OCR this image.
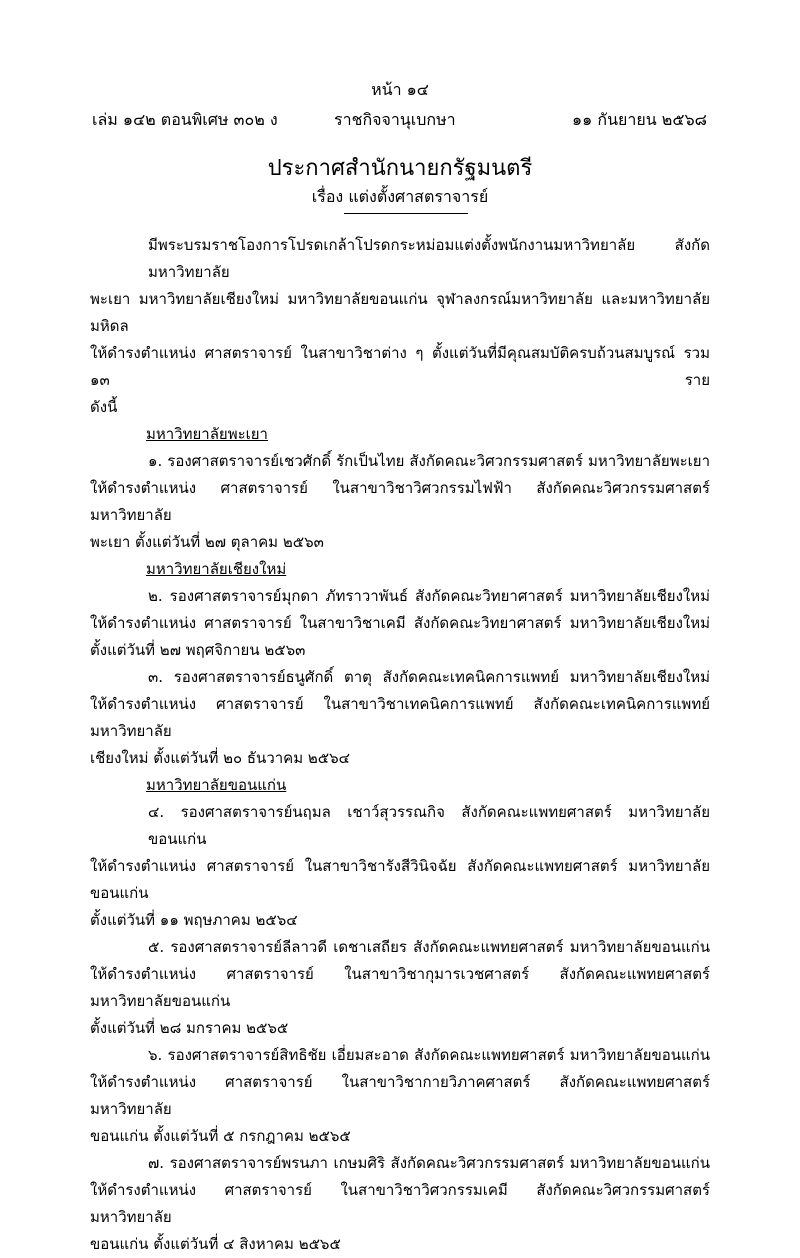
หน้า ๑๔
เล่ม ๑๔๒ ตอนพิเศษ ๓๐๒ ง	ราชกิจจานุเบกษา	๑๑ กันยายน ๒๕๖๘
ประกาศสำนักนายกรัฐมนตรี
เรื่อง แต่งตั้งศาสตราจารย์

มีพระบรมราชโองการโปรดเกล้าโปรดกระหม่อมแต่งตั้งพนักงานมหาวิทยาลัย สังกัดมหาวิทยาลัย

พะเยา มหาวิทยาลัยเชียงใหม่ มหาวิทยาลัยขอนแก่น จุฬาลงกรณ์มหาวิทยาลัย และมหาวิทยาลัยมหิดล

ให้ดำรงตำแหน่ง ศาสตราจารย์ ในสาขาวิชาต่าง ๆ ตั้งแต่วันที่มีคุณสมบัติครบถ้วนสมบูรณ์ รวม ๑๓ ราย

ดังนี้

มหาวิทยาลัยพะเยา

๑. รองศาสตราจารย์เชวศักดิ์ รักเป็นไทย สังกัดคณะวิศวกรรมศาสตร์ มหาวิทยาลัยพะเยา

ให้ดำรงตำแหน่ง ศาสตราจารย์ ในสาขาวิชาวิศวกรรมไฟฟ้า สังกัดคณะวิศวกรรมศาสตร์ มหาวิทยาลัย

พะเยา ตั้งแต่วันที่ ๒๗ ตุลาคม ๒๕๖๓

มหาวิทยาลัยเชียงใหม่

๒. รองศาสตราจารย์มุกดา ภัทราวาพันธ์ สังกัดคณะวิทยาศาสตร์ มหาวิทยาลัยเชียงใหม่

ให้ดำรงตำแหน่ง ศาสตราจารย์ ในสาขาวิชาเคมี สังกัดคณะวิทยาศาสตร์ มหาวิทยาลัยเชียงใหม่

ตั้งแต่วันที่ ๒๗ พฤศจิกายน ๒๕๖๓

๓. รองศาสตราจารย์ธนูศักดิ์ ตาตุ สังกัดคณะเทคนิคการแพทย์ มหาวิทยาลัยเชียงใหม่

ให้ดำรงตำแหน่ง ศาสตราจารย์ ในสาขาวิชาเทคนิคการแพทย์ สังกัดคณะเทคนิคการแพทย์ มหาวิทยาลัย

เชียงใหม่ ตั้งแต่วันที่ ๒๐ ธันวาคม ๒๕๖๔

มหาวิทยาลัยขอนแก่น

๔. รองศาสตราจารย์นฤมล เชาว์สุวรรณกิจ สังกัดคณะแพทยศาสตร์ มหาวิทยาลัยขอนแก่น

ให้ดำรงตำแหน่ง ศาสตราจารย์ ในสาขาวิชารังสีวินิจฉัย สังกัดคณะแพทยศาสตร์ มหาวิทยาลัยขอนแก่น

ตั้งแต่วันที่ ๑๑ พฤษภาคม ๒๕๖๔

๕. รองศาสตราจารย์ลีลาวดี เดชาเสถียร สังกัดคณะแพทยศาสตร์ มหาวิทยาลัยขอนแก่น

ให้ดำรงตำแหน่ง ศาสตราจารย์ ในสาขาวิชากุมารเวชศาสตร์ สังกัดคณะแพทยศาสตร์ มหาวิทยาลัยขอนแก่น

ตั้งแต่วันที่ ๒๘ มกราคม ๒๕๖๕

๖. รองศาสตราจารย์สิทธิชัย เอี่ยมสะอาด สังกัดคณะแพทยศาสตร์ มหาวิทยาลัยขอนแก่น

ให้ดำรงตำแหน่ง ศาสตราจารย์ ในสาขาวิชากายวิภาคศาสตร์ สังกัดคณะแพทยศาสตร์ มหาวิทยาลัย

ขอนแก่น ตั้งแต่วันที่ ๕ กรกฎาคม ๒๕๖๕

๗. รองศาสตราจารย์พรนภา เกษมศิริ สังกัดคณะวิศวกรรมศาสตร์ มหาวิทยาลัยขอนแก่น

ให้ดำรงตำแหน่ง ศาสตราจารย์ ในสาขาวิชาวิศวกรรมเคมี สังกัดคณะวิศวกรรมศาสตร์ มหาวิทยาลัย

ขอนแก่น ตั้งแต่วันที่ ๔ สิงหาคม ๒๕๖๕
